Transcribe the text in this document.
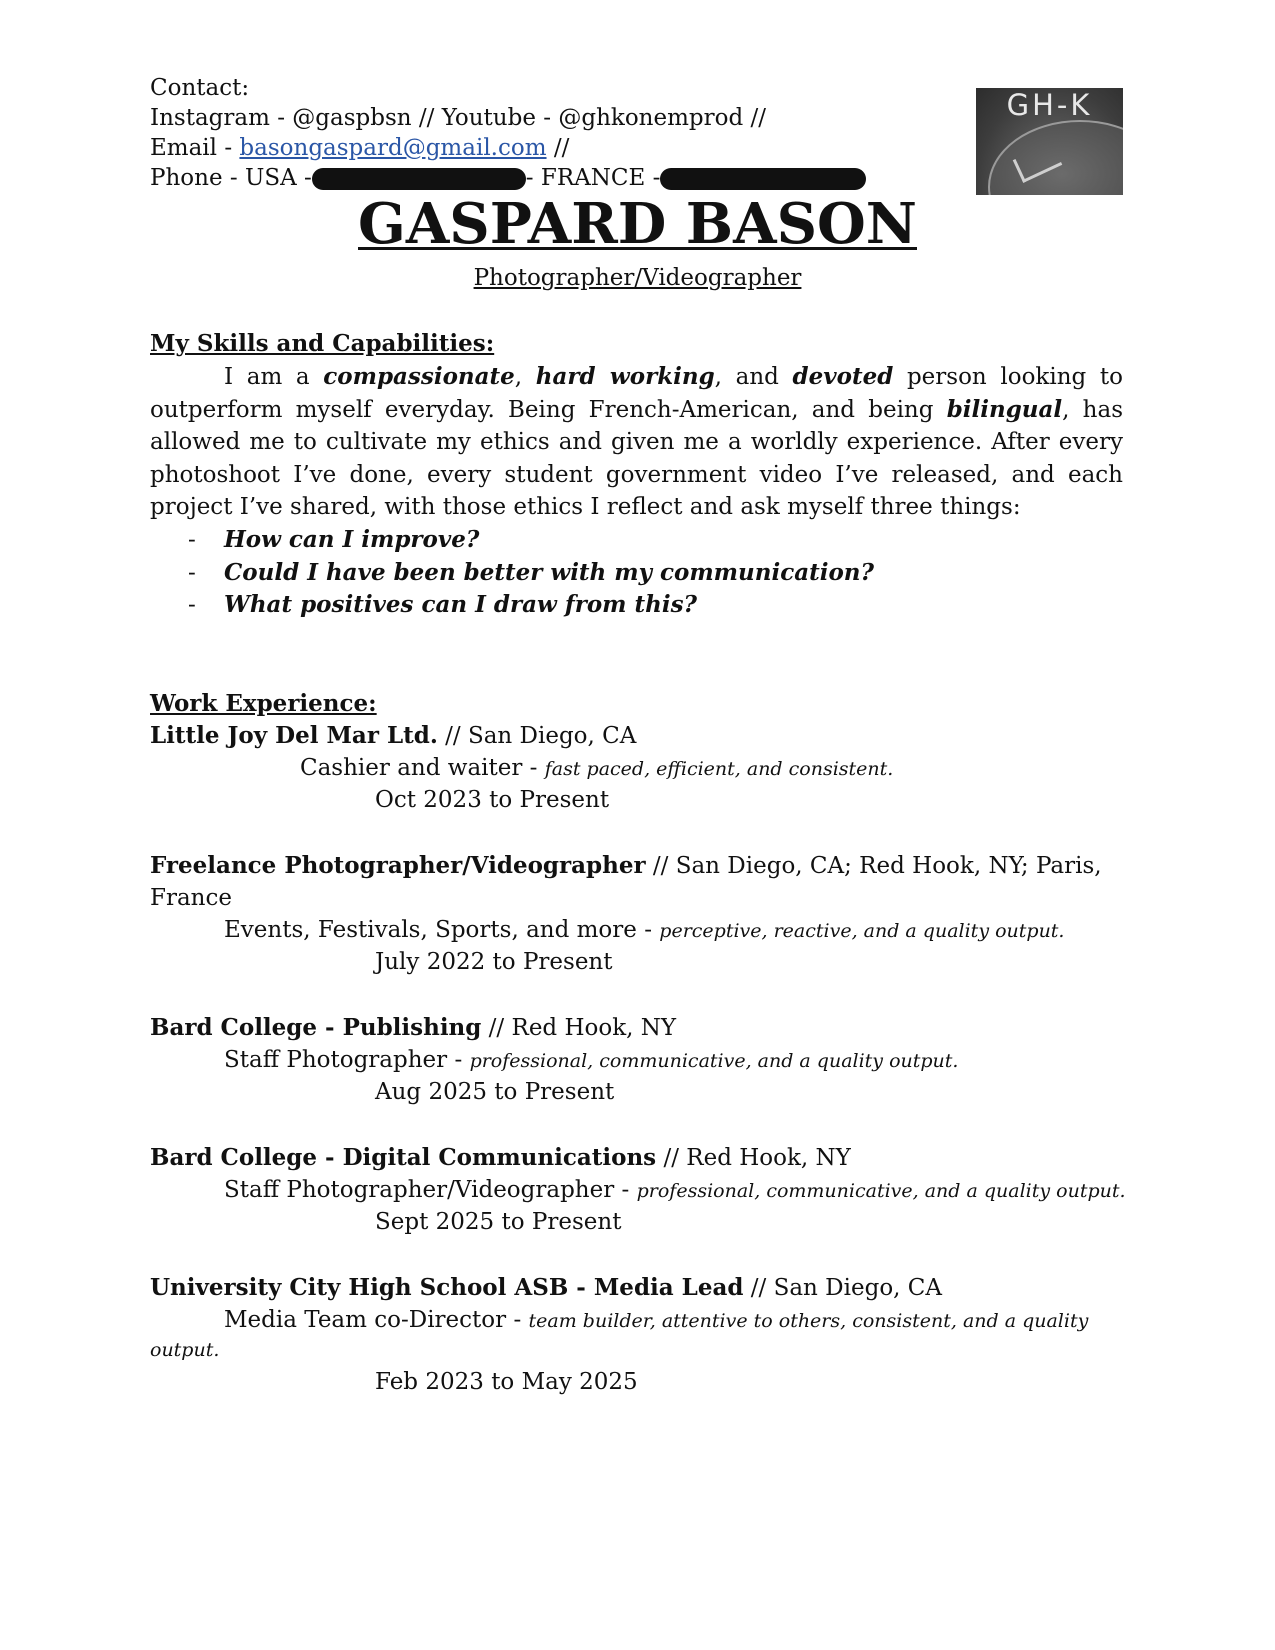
Contact:
Instagram - @gaspbsn // Youtube - @ghkonemprod //
Email - basongaspard@gmail.com //
Phone - USA -	- FRANCE -
GH-K
GASPARD BASON
Photographer/Videographer
My Skills and Capabilities:
I am a compassionate, hard working, and devoted person looking to outperform myself everyday. Being French-American, and being bilingual, has allowed me to cultivate my ethics and given me a worldly experience. After every photoshoot I’ve done, every student government video I’ve released, and each project I’ve shared, with those ethics I reflect and ask myself three things:
- How can I improve?
- Could I have been better with my communication?
- What positives can I draw from this?
Work Experience:
Little Joy Del Mar Ltd. // San Diego, CA
Cashier and waiter - fast paced, efficient, and consistent.
Oct 2023 to Present
Freelance Photographer/Videographer // San Diego, CA; Red Hook, NY; Paris,
France
Events, Festivals, Sports, and more - perceptive, reactive, and a quality output.
July 2022 to Present
Bard College - Publishing // Red Hook, NY
Staff Photographer - professional, communicative, and a quality output.
Aug 2025 to Present
Bard College - Digital Communications // Red Hook, NY
Staff Photographer/Videographer - professional, communicative, and a quality output.
Sept 2025 to Present
University City High School ASB - Media Lead // San Diego, CA
Media Team co-Director - team builder, attentive to others, consistent, and a quality
output.
Feb 2023 to May 2025
